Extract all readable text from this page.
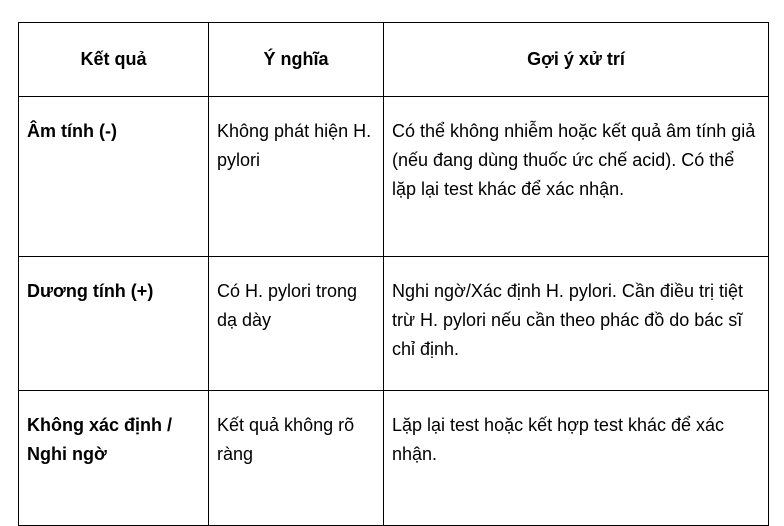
Kết quả	Ý nghĩa	Gợi ý xử trí
Âm tính (-)	Không phát hiện H. pylori	Có thể không nhiễm hoặc kết quả âm tính giả (nếu đang dùng thuốc ức chế acid). Có thể lặp lại test khác để xác nhận.
Dương tính (+)	Có H. pylori trong dạ dày	Nghi ngờ/Xác định H. pylori. Cần điều trị tiệt trừ H. pylori nếu cần theo phác đồ do bác sĩ chỉ định.
Không xác định / Nghi ngờ	Kết quả không rõ ràng	Lặp lại test hoặc kết hợp test khác để xác nhận.
